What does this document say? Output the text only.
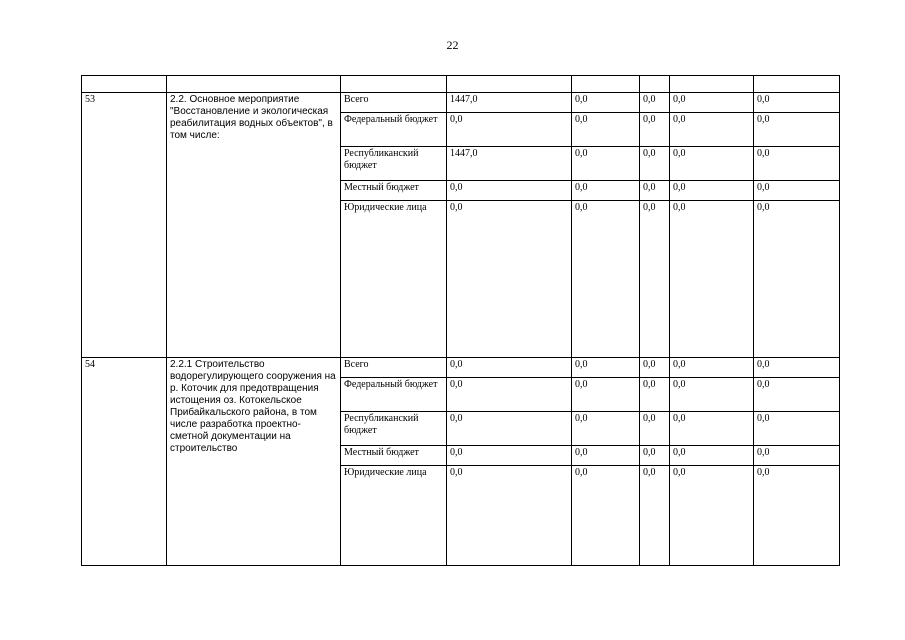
22

53	2.2. Основное мероприятие "Восстановление и экологическая реабилитация водных объектов", в том числе:	Всего	1447,0	0,0	0,0	0,0	0,0
		Федеральный бюджет	0,0	0,0	0,0	0,0	0,0
		Республиканский бюджет	1447,0	0,0	0,0	0,0	0,0
		Местный бюджет	0,0	0,0	0,0	0,0	0,0
		Юридические лица	0,0	0,0	0,0	0,0	0,0
54	2.2.1 Строительство водорегулирующего сооружения на р. Коточик для предотвращения истощения оз. Котокельское Прибайкальского района, в том числе разработка проектно-сметной документации на строительство	Всего	0,0	0,0	0,0	0,0	0,0
		Федеральный бюджет	0,0	0,0	0,0	0,0	0,0
		Республиканский бюджет	0,0	0,0	0,0	0,0	0,0
		Местный бюджет	0,0	0,0	0,0	0,0	0,0
		Юридические лица	0,0	0,0	0,0	0,0	0,0
